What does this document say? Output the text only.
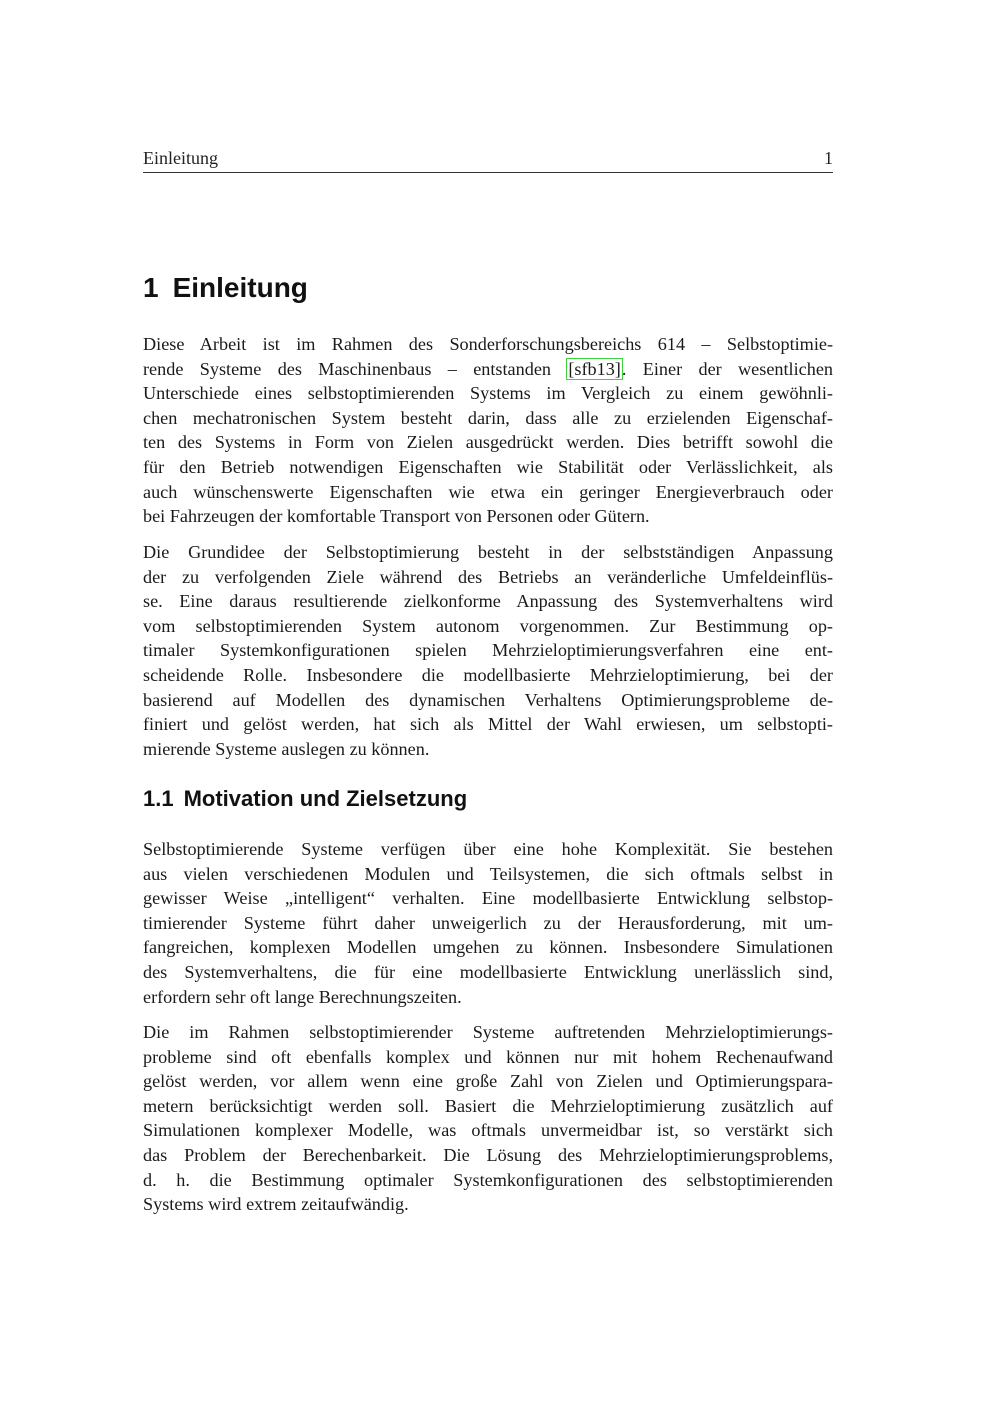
Einleitung	1
1 Einleitung
Diese Arbeit ist im Rahmen des Sonderforschungsbereichs 614 – Selbstoptimie-
rende Systeme des Maschinenbaus – entstanden [sfb13]. Einer der wesentlichen
Unterschiede eines selbstoptimierenden Systems im Vergleich zu einem gewöhnli-
chen mechatronischen System besteht darin, dass alle zu erzielenden Eigenschaf-
ten des Systems in Form von Zielen ausgedrückt werden. Dies betrifft sowohl die
für den Betrieb notwendigen Eigenschaften wie Stabilität oder Verlässlichkeit, als
auch wünschenswerte Eigenschaften wie etwa ein geringer Energieverbrauch oder
bei Fahrzeugen der komfortable Transport von Personen oder Gütern.
Die Grundidee der Selbstoptimierung besteht in der selbstständigen Anpassung
der zu verfolgenden Ziele während des Betriebs an veränderliche Umfeldeinflüs-
se. Eine daraus resultierende zielkonforme Anpassung des Systemverhaltens wird
vom selbstoptimierenden System autonom vorgenommen. Zur Bestimmung op-
timaler Systemkonfigurationen spielen Mehrzieloptimierungsverfahren eine ent-
scheidende Rolle. Insbesondere die modellbasierte Mehrzieloptimierung, bei der
basierend auf Modellen des dynamischen Verhaltens Optimierungsprobleme de-
finiert und gelöst werden, hat sich als Mittel der Wahl erwiesen, um selbstopti-
mierende Systeme auslegen zu können.
1.1 Motivation und Zielsetzung
Selbstoptimierende Systeme verfügen über eine hohe Komplexität. Sie bestehen
aus vielen verschiedenen Modulen und Teilsystemen, die sich oftmals selbst in
gewisser Weise „intelligent“ verhalten. Eine modellbasierte Entwicklung selbstop-
timierender Systeme führt daher unweigerlich zu der Herausforderung, mit um-
fangreichen, komplexen Modellen umgehen zu können. Insbesondere Simulationen
des Systemverhaltens, die für eine modellbasierte Entwicklung unerlässlich sind,
erfordern sehr oft lange Berechnungszeiten.
Die im Rahmen selbstoptimierender Systeme auftretenden Mehrzieloptimierungs-
probleme sind oft ebenfalls komplex und können nur mit hohem Rechenaufwand
gelöst werden, vor allem wenn eine große Zahl von Zielen und Optimierungspara-
metern berücksichtigt werden soll. Basiert die Mehrzieloptimierung zusätzlich auf
Simulationen komplexer Modelle, was oftmals unvermeidbar ist, so verstärkt sich
das Problem der Berechenbarkeit. Die Lösung des Mehrzieloptimierungsproblems,
d. h. die Bestimmung optimaler Systemkonfigurationen des selbstoptimierenden
Systems wird extrem zeitaufwändig.
